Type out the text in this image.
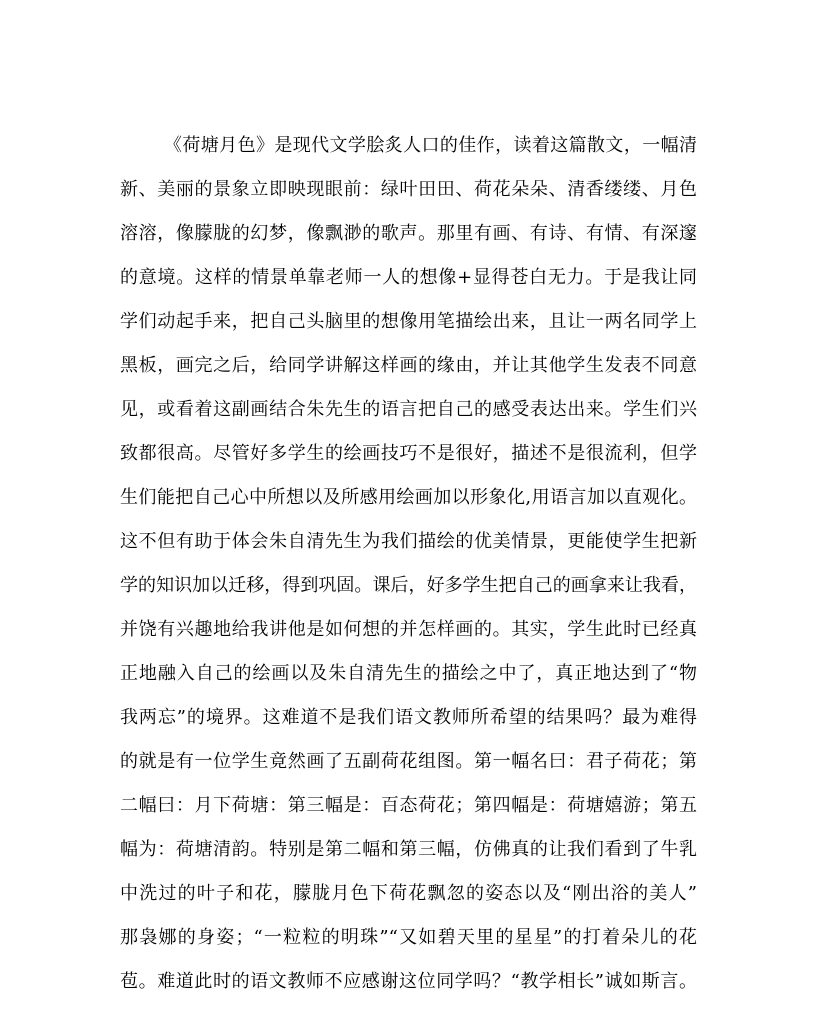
《荷塘月色》是现代文学脍炙人口的佳作，读着这篇散文，一幅清
新、美丽的景象立即映现眼前：绿叶田田、荷花朵朵、清香缕缕、月色
溶溶，像朦胧的幻梦，像飘渺的歌声。那里有画、有诗、有情、有深邃
的意境。这样的情景单靠老师一人的想像+显得苍白无力。于是我让同
学们动起手来，把自己头脑里的想像用笔描绘出来，且让一两名同学上
黑板，画完之后，给同学讲解这样画的缘由，并让其他学生发表不同意
见，或看着这副画结合朱先生的语言把自己的感受表达出来。学生们兴
致都很高。尽管好多学生的绘画技巧不是很好，描述不是很流利，但学
生们能把自己心中所想以及所感用绘画加以形象化,用语言加以直观化。
这不但有助于体会朱自清先生为我们描绘的优美情景，更能使学生把新
学的知识加以迁移，得到巩固。课后，好多学生把自己的画拿来让我看，
并饶有兴趣地给我讲他是如何想的并怎样画的。其实，学生此时已经真
正地融入自己的绘画以及朱自清先生的描绘之中了，真正地达到了“物
我两忘”的境界。这难道不是我们语文教师所希望的结果吗？最为难得
的就是有一位学生竟然画了五副荷花组图。第一幅名曰：君子荷花；第
二幅曰：月下荷塘：第三幅是：百态荷花；第四幅是：荷塘嬉游；第五
幅为：荷塘清韵。特别是第二幅和第三幅，仿佛真的让我们看到了牛乳
中洗过的叶子和花，朦胧月色下荷花飘忽的姿态以及“刚出浴的美人”
那袅娜的身姿；“一粒粒的明珠”“又如碧天里的星星”的打着朵儿的花
苞。难道此时的语文教师不应感谢这位同学吗？“教学相长”诚如斯言。
